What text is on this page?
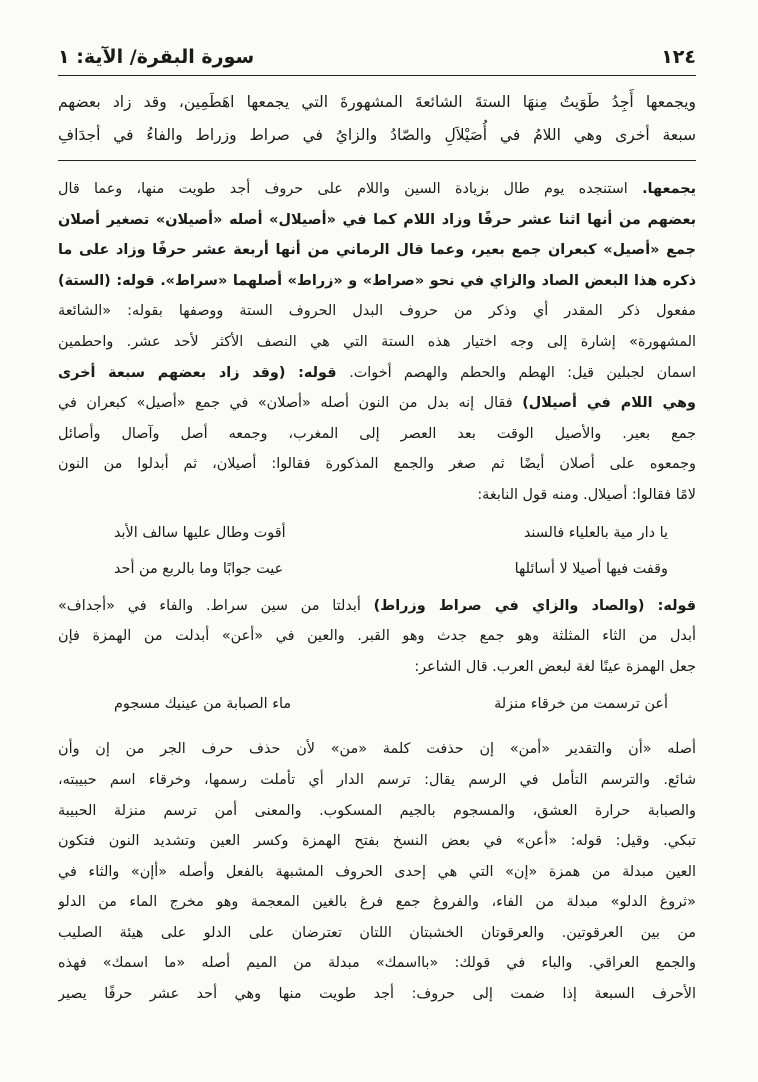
١٢٤
سورة البقرة/ الآية: ١
ويجمعها أَجِدُ طَوَيتُ مِنهَا الستةَ الشائعةَ المشهورةَ التي يجمعها اهَطَمِين، وقد زاد بعضهم
سبعة أخرى وهي اللامُ في أُصَيْلاَلِ والصّادُ والزايُ في صراط وزراط والفاءُ في أجدَافِ
يجمعها. استنجده يوم طال بزيادة السين واللام على حروف أجد طويت منها، وعما قال
بعضهم من أنها اثنا عشر حرفًا وزاد اللام كما في «أصيلال» أصله «أصيلان» تصغير أصلان
جمع «أصيل» كبعران جمع بعير، وعما قال الرماني من أنها أربعة عشر حرفًا وزاد على ما
ذكره هذا البعض الصاد والزاي في نحو «صراط» و «زراط» أصلهما «سراط». قوله: (الستة)
مفعول ذكر المقدر أي وذكر من حروف البدل الحروف الستة ووصفها بقوله: «الشائعة
المشهورة» إشارة إلى وجه اختيار هذه الستة التي هي النصف الأكثر لأحد عشر. واحطمين
اسمان لجبلين قيل: الهطم والحطم والهصم أخوات. قوله: (وقد زاد بعضهم سبعة أخرى
وهي اللام في أصيلال) فقال إنه بدل من النون أصله «أصلان» في جمع «أصيل» كبعران في
جمع بعير. والأصيل الوقت بعد العصر إلى المغرب، وجمعه أصل وآصال وأصائل
وجمعوه على أصلان أيضًا ثم صغر والجمع المذكورة فقالوا: أصيلان، ثم أبدلوا من النون
لامًا فقالوا: أصيلال. ومنه قول النابغة:
يا دار مية بالعلياء فالسند
أقوت وطال عليها سالف الأبد
وقفت فيها أصيلا لا أسائلها
عيت جوابًا وما بالربع من أحد
قوله: (والصاد والزاي في صراط وزراط) أبدلتا من سين سراط. والفاء في «أجداف»
أبدل من الثاء المثلثة وهو جمع جدث وهو القبر. والعين في «أعن» أبدلت من الهمزة فإن
جعل الهمزة عينًا لغة لبعض العرب. قال الشاعر:
أعن ترسمت من خرقاء منزلة
ماء الصبابة من عينيك مسجوم
أصله «أن والتقدير «أمن» إن حذفت كلمة «من» لأن حذف حرف الجر من إن وأن
شائع. والترسم التأمل في الرسم يقال: ترسم الدار أي تأملت رسمها، وخرقاء اسم حبيبته،
والصبابة حرارة العشق، والمسجوم بالجيم المسكوب. والمعنى أمن ترسم منزلة الحبيبة
تبكي. وقيل: قوله: «أعن» في بعض النسخ بفتح الهمزة وكسر العين وتشديد النون فتكون
العين مبدلة من همزة «إن» التي هي إحدى الحروف المشبهة بالفعل وأصله «أإن» والثاء في
«ثروغ الدلو» مبدلة من الفاء، والفروغ جمع فرغ بالغين المعجمة وهو مخرج الماء من الدلو
من بين العرقوتين. والعرقوتان الخشبتان اللتان تعترضان على الدلو على هيئة الصليب
والجمع العراقي. والباء في قولك: «بااسمك» مبدلة من الميم أصله «ما اسمك» فهذه
الأحرف السبعة إذا ضمت إلى حروف: أجد طويت منها وهي أحد عشر حرفًا يصير
